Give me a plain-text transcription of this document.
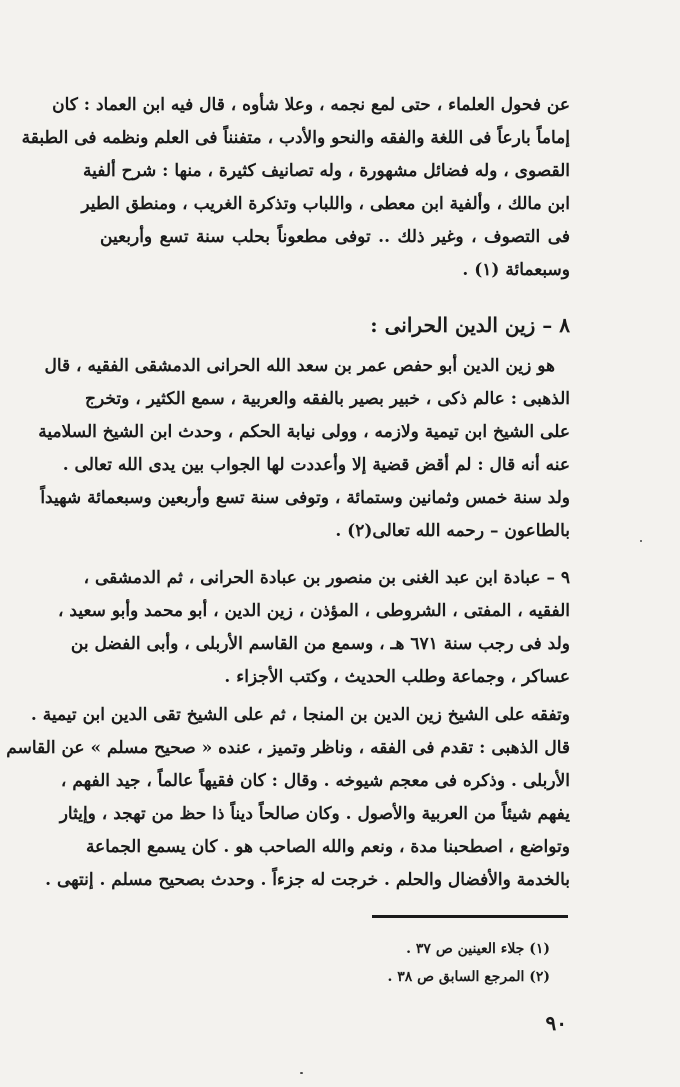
عن فحول العلماء ، حتى لمع نجمه ، وعلا شأوه ، قال فيه ابن العماد : كان
إماماً بارعاً فى اللغة والفقه والنحو والأدب ، متفنناً فى العلم ونظمه فى الطبقة
القصوى ، وله فضائل مشهورة ، وله تصانيف كثيرة ، منها : شرح ألفية
ابن مالك ، وألفية ابن معطى ، واللباب وتذكرة الغريب ، ومنطق الطير
فى التصوف ، وغير ذلك .. توفى مطعوناً بحلب سنة تسع وأربعين
وسبعمائة (١) .
٨ – زين الدين الحرانى :
هو زين الدين أبو حفص عمر بن سعد الله الحرانى الدمشقى الفقيه ، قال
الذهبى : عالم ذكى ، خبير بصير بالفقه والعربية ، سمع الكثير ، وتخرج
على الشيخ ابن تيمية ولازمه ، وولى نيابة الحكم ، وحدث ابن الشيخ السلامية
عنه أنه قال : لم أقض قضية إلا وأعددت لها الجواب بين يدى الله تعالى .
ولد سنة خمس وثمانين وستمائة ، وتوفى سنة تسع وأربعين وسبعمائة شهيداً
بالطاعون – رحمه الله تعالى(٢) .
٩ – عبادة ابن عبد الغنى بن منصور بن عبادة الحرانى ، ثم الدمشقى ،
الفقيه ، المفتى ، الشروطى ، المؤذن ، زين الدين ، أبو محمد وأبو سعيد ،
ولد فى رجب سنة ٦٧١ هـ ، وسمع من القاسم الأربلى ، وأبى الفضل بن
عساكر ، وجماعة وطلب الحديث ، وكتب الأجزاء .
وتفقه على الشيخ زين الدين بن المنجا ، ثم على الشيخ تقى الدين ابن تيمية .
قال الذهبى : تقدم فى الفقه ، وناظر وتميز ، عنده « صحيح مسلم » عن القاسم
الأربلى . وذكره فى معجم شيوخه . وقال : كان فقيهاً عالماً ، جيد الفهم ،
يفهم شيئاً من العربية والأصول . وكان صالحاً ديناً ذا حظ من تهجد ، وإيثار
وتواضع ، اصطحبنا مدة ، ونعم والله الصاحب هو . كان يسمع الجماعة
بالخدمة والأفضال والحلم . خرجت له جزءاً . وحدث بصحيح مسلم . إنتهى .
(١) جلاء العينين ص ٣٧ .
(٢) المرجع السابق ص ٣٨ .
٩٠
